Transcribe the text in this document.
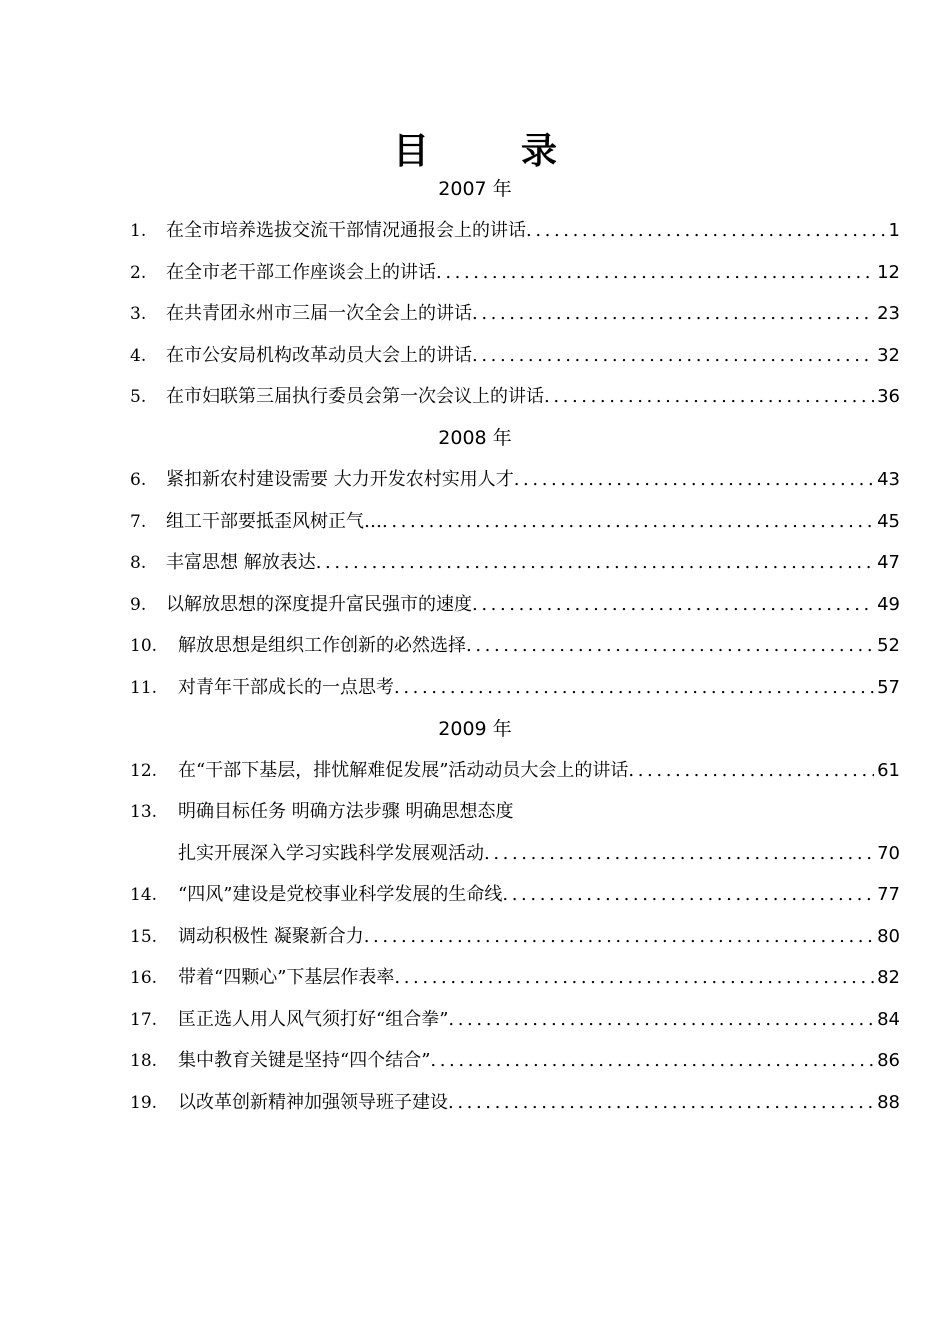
目　录
2007 年
1.	在全市培养选拔交流干部情况通报会上的讲话 .....	1
2.	在全市老干部工作座谈会上的讲话 .....	12
3.	在共青团永州市三届一次全会上的讲话 .....	23
4.	在市公安局机构改革动员大会上的讲话 .....	32
5.	在市妇联第三届执行委员会第一次会议上的讲话 .....	36
2008 年
6.	紧扣新农村建设需要 大力开发农村实用人才 .....	43
7.	组工干部要抵歪风树正气… .....	45
8.	丰富思想 解放表达 .....	47
9.	以解放思想的深度提升富民强市的速度 .....	49
10.	解放思想是组织工作创新的必然选择 .....	52
11.	对青年干部成长的一点思考 .....	57
2009 年
12.	在“干部下基层，排忧解难促发展”活动动员大会上的讲话 .....	61
13.	明确目标任务 明确方法步骤 明确思想态度
扎实开展深入学习实践科学发展观活动 .....	70
14.	“四风”建设是党校事业科学发展的生命线 .....	77
15.	调动积极性 凝聚新合力 .....	80
16.	带着“四颗心”下基层作表率 .....	82
17.	匡正选人用人风气须打好“组合拳” .....	84
18.	集中教育关键是坚持“四个结合” .....	86
19.	以改革创新精神加强领导班子建设 .....	88
